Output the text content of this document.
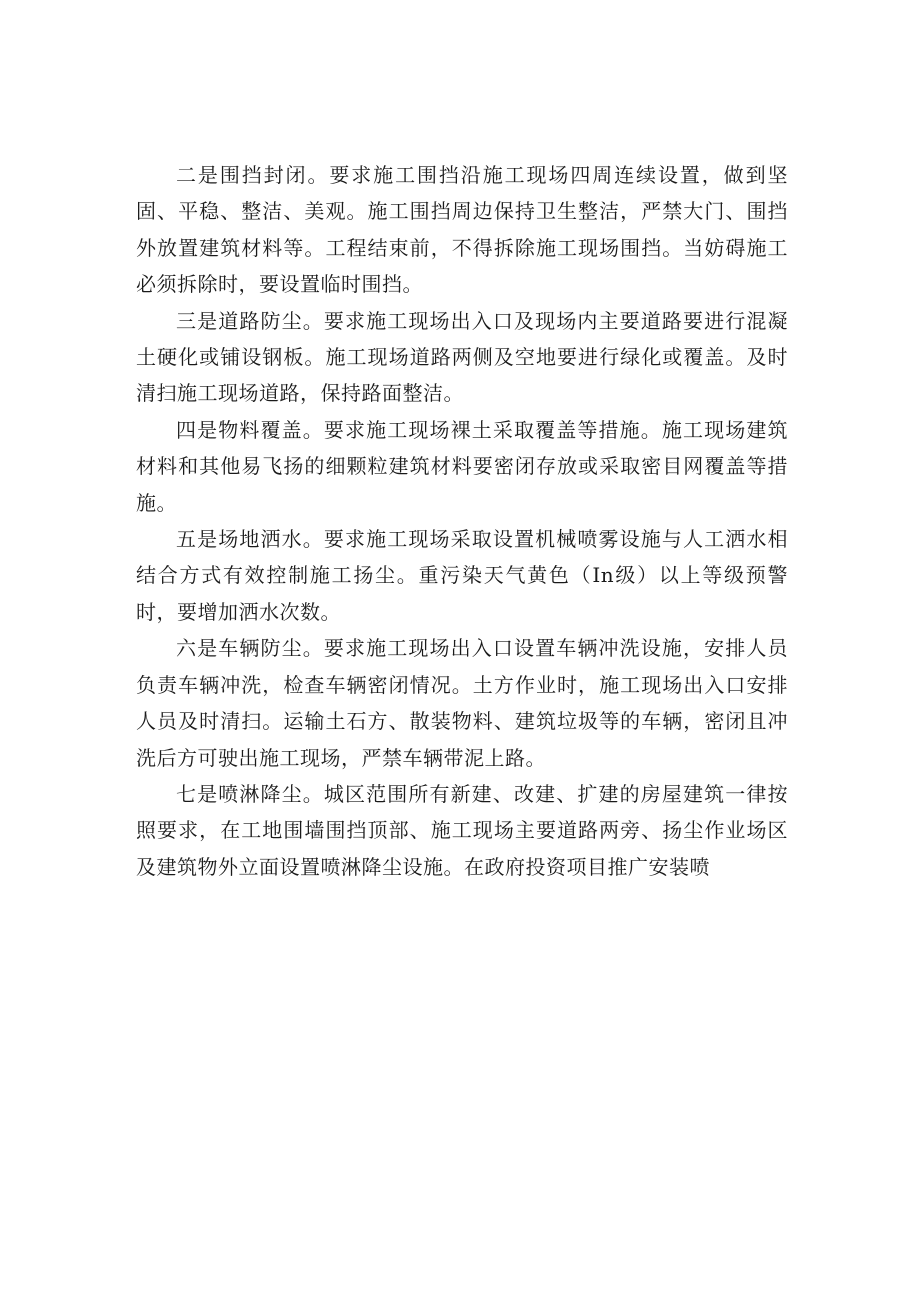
二是围挡封闭。要求施工围挡沿施工现场四周连续设置，做到坚固、平稳、整洁、美观。施工围挡周边保持卫生整洁，严禁大门、围挡外放置建筑材料等。工程结束前，不得拆除施工现场围挡。当妨碍施工必须拆除时，要设置临时围挡。

三是道路防尘。要求施工现场出入口及现场内主要道路要进行混凝土硬化或铺设钢板。施工现场道路两侧及空地要进行绿化或覆盖。及时清扫施工现场道路，保持路面整洁。

四是物料覆盖。要求施工现场裸土采取覆盖等措施。施工现场建筑材料和其他易飞扬的细颗粒建筑材料要密闭存放或采取密目网覆盖等措施。

五是场地洒水。要求施工现场采取设置机械喷雾设施与人工洒水相结合方式有效控制施工扬尘。重污染天气黄色（In级）以上等级预警时，要增加洒水次数。

六是车辆防尘。要求施工现场出入口设置车辆冲洗设施，安排人员负责车辆冲洗，检查车辆密闭情况。土方作业时，施工现场出入口安排人员及时清扫。运输土石方、散装物料、建筑垃圾等的车辆，密闭且冲洗后方可驶出施工现场，严禁车辆带泥上路。

七是喷淋降尘。城区范围所有新建、改建、扩建的房屋建筑一律按照要求，在工地围墙围挡顶部、施工现场主要道路两旁、扬尘作业场区及建筑物外立面设置喷淋降尘设施。在政府投资项目推广安装喷
